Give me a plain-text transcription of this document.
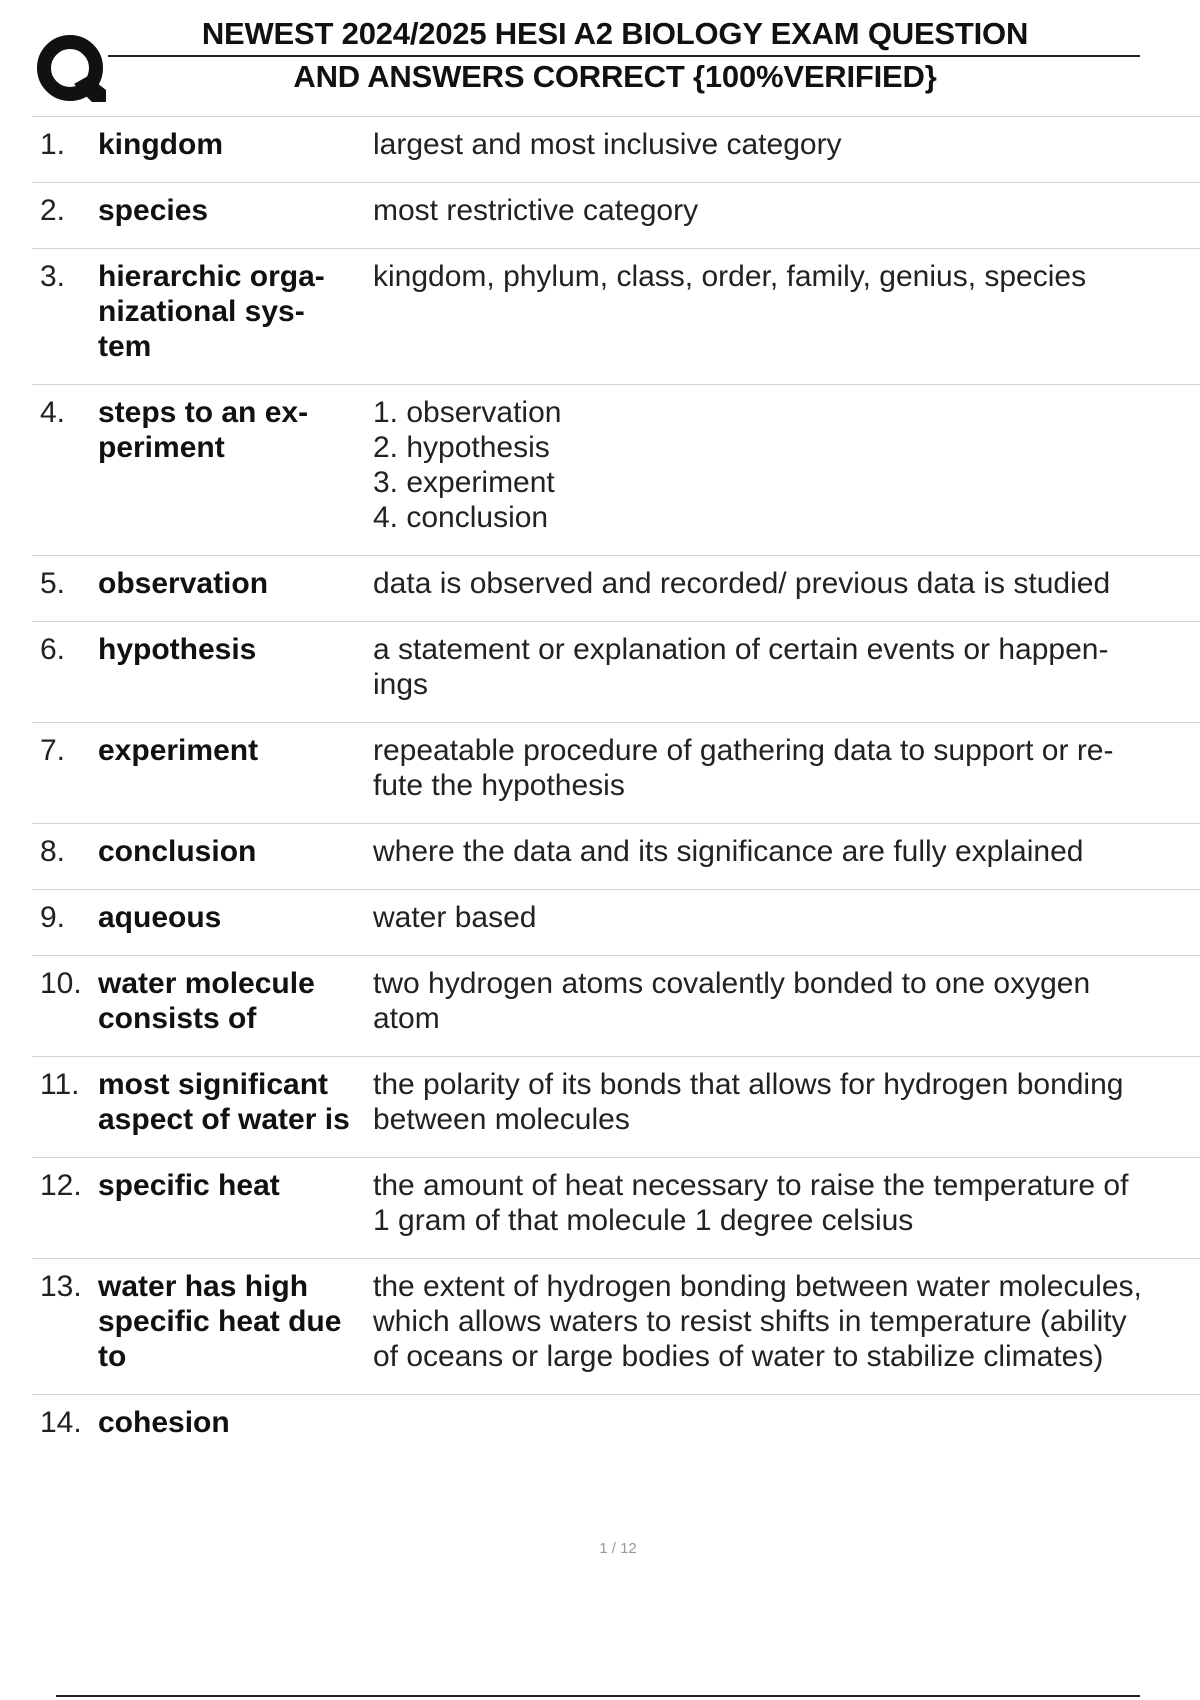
NEWEST 2024/2025 HESI A2 BIOLOGY EXAM QUESTION
AND ANSWERS CORRECT {100%VERIFIED}
1.	kingdom	largest and most inclusive category
2.	species	most restrictive category
3.	hierarchic orga-
nizational sys-
tem	kingdom, phylum, class, order, family, genius, species
4.	steps to an ex-
periment	1. observation
2. hypothesis
3. experiment
4. conclusion

5.	observation	data is observed and recorded/ previous data is studied
6.	hypothesis	a statement or explanation of certain events or happen-
ings
7.	experiment	repeatable procedure of gathering data to support or re-
fute the hypothesis
8.	conclusion	where the data and its significance are fully explained
9.	aqueous	water based
10.	water molecule
consists of	two hydrogen atoms covalently bonded to one oxygen
atom
11.	most significant
aspect of water is	the polarity of its bonds that allows for hydrogen bonding
between molecules
12.	specific heat	the amount of heat necessary to raise the temperature of
1 gram of that molecule 1 degree celsius
13.	water has high
specific heat due
to	the extent of hydrogen bonding between water molecules,
which allows waters to resist shifts in temperature (ability
of oceans or large bodies of water to stabilize climates)
14.	cohesion	
1 / 12
